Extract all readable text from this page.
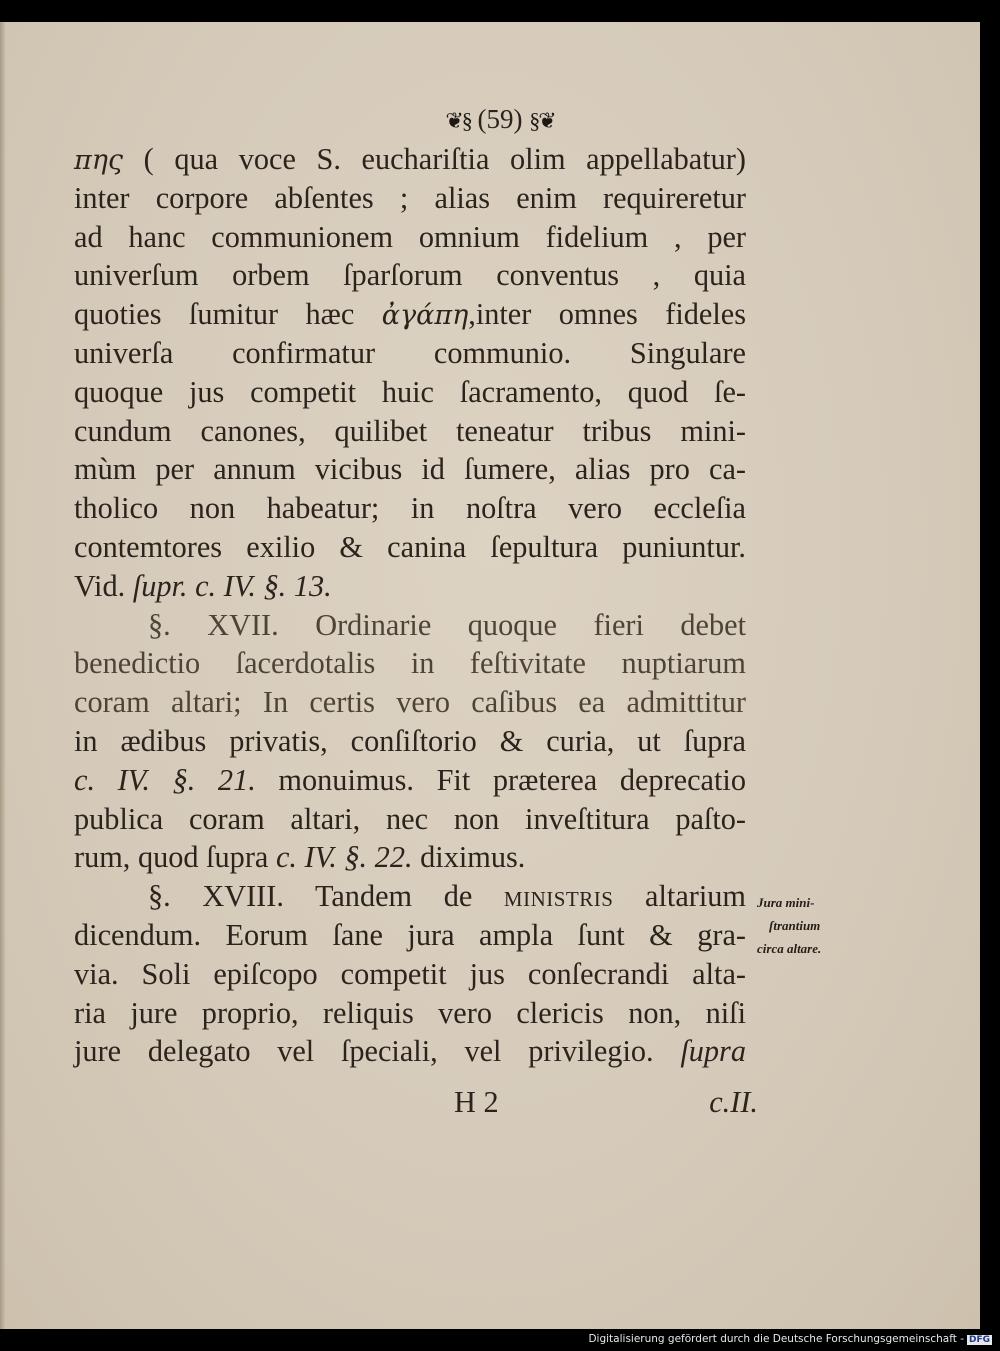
❦§ (59) §❦
πης ( qua voce S. euchariſtia olim appellabatur)
inter corpore abſentes ; alias enim requireretur
ad hanc communionem omnium fidelium , per
univerſum orbem ſparſorum conventus , quia
quoties ſumitur hæc ἀγάπη,inter omnes fideles
univerſa confirmatur communio. Singulare
quoque jus competit huic ſacramento, quod ſe-
cundum canones, quilibet teneatur tribus mini-
mùm per annum vicibus id ſumere, alias pro ca-
tholico non habeatur; in noſtra vero eccleſia
contemtores exilio & canina ſepultura puniuntur.
Vid. ſupr. c. IV. §. 13.
§. XVII. Ordinarie quoque fieri debet
benedictio ſacerdotalis in feſtivitate nuptiarum
coram altari; In certis vero caſibus ea admittitur
in ædibus privatis, conſiſtorio & curia, ut ſupra
c. IV. §. 21. monuimus. Fit præterea deprecatio
publica coram altari, nec non inveſtitura paſto-
rum, quod ſupra c. IV. §. 22. diximus.
§. XVIII. Tandem de ministris altarium
dicendum. Eorum ſane jura ampla ſunt & gra-
via. Soli epiſcopo competit jus conſecrandi alta-
ria jure proprio, reliquis vero clericis non, niſi
jure delegato vel ſpeciali, vel privilegio. ſupra
Jura mini-
ſtrantium
circa altare.
H 2	c.II.
Digitalisierung gefördert durch die Deutsche Forschungsgemeinschaft - DFG
